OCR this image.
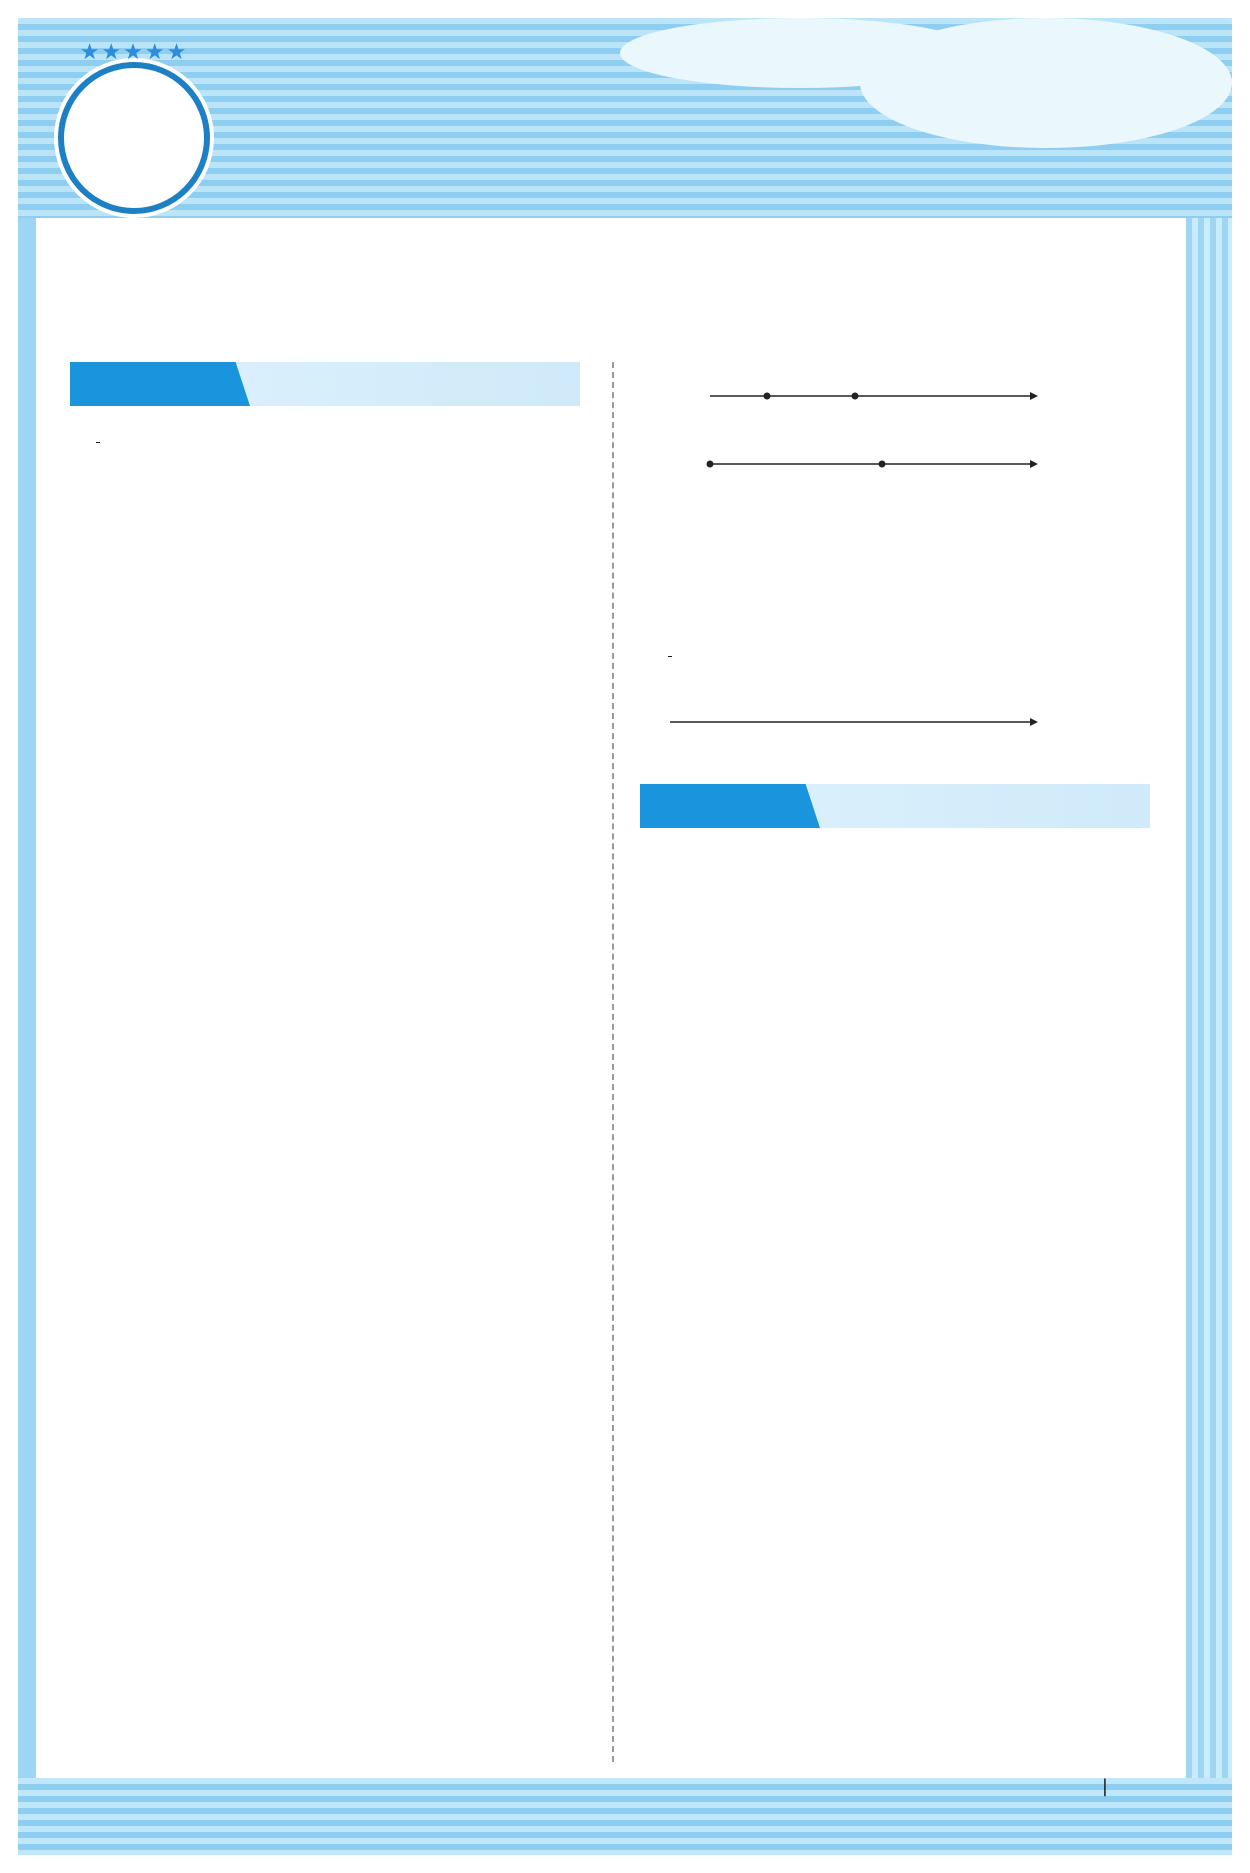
★★★★★

|
